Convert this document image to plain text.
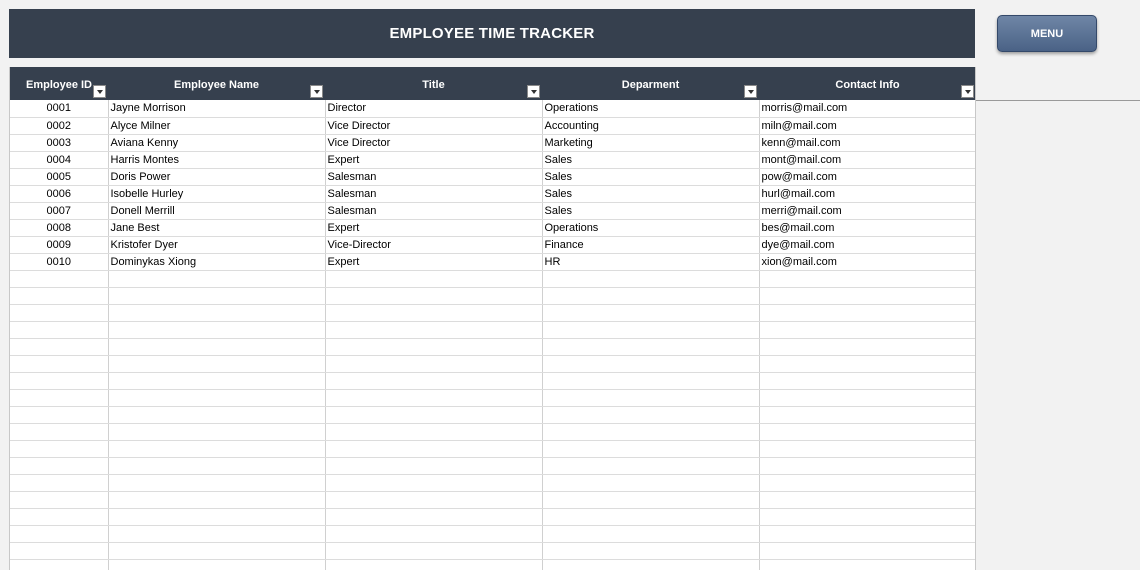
EMPLOYEE TIME TRACKER	MENU
Employee ID	Employee Name	Title	Deparment	Contact Info

0001	Jayne Morrison	Director	Operations	morris@mail.com
0002	Alyce Milner	Vice Director	Accounting	miln@mail.com
0003	Aviana Kenny	Vice Director	Marketing	kenn@mail.com
0004	Harris Montes	Expert	Sales	mont@mail.com
0005	Doris Power	Salesman	Sales	pow@mail.com
0006	Isobelle Hurley	Salesman	Sales	hurl@mail.com
0007	Donell Merrill	Salesman	Sales	merri@mail.com
0008	Jane Best	Expert	Operations	bes@mail.com
0009	Kristofer Dyer	Vice-Director	Finance	dye@mail.com
0010	Dominykas Xiong	Expert	HR	xion@mail.com
